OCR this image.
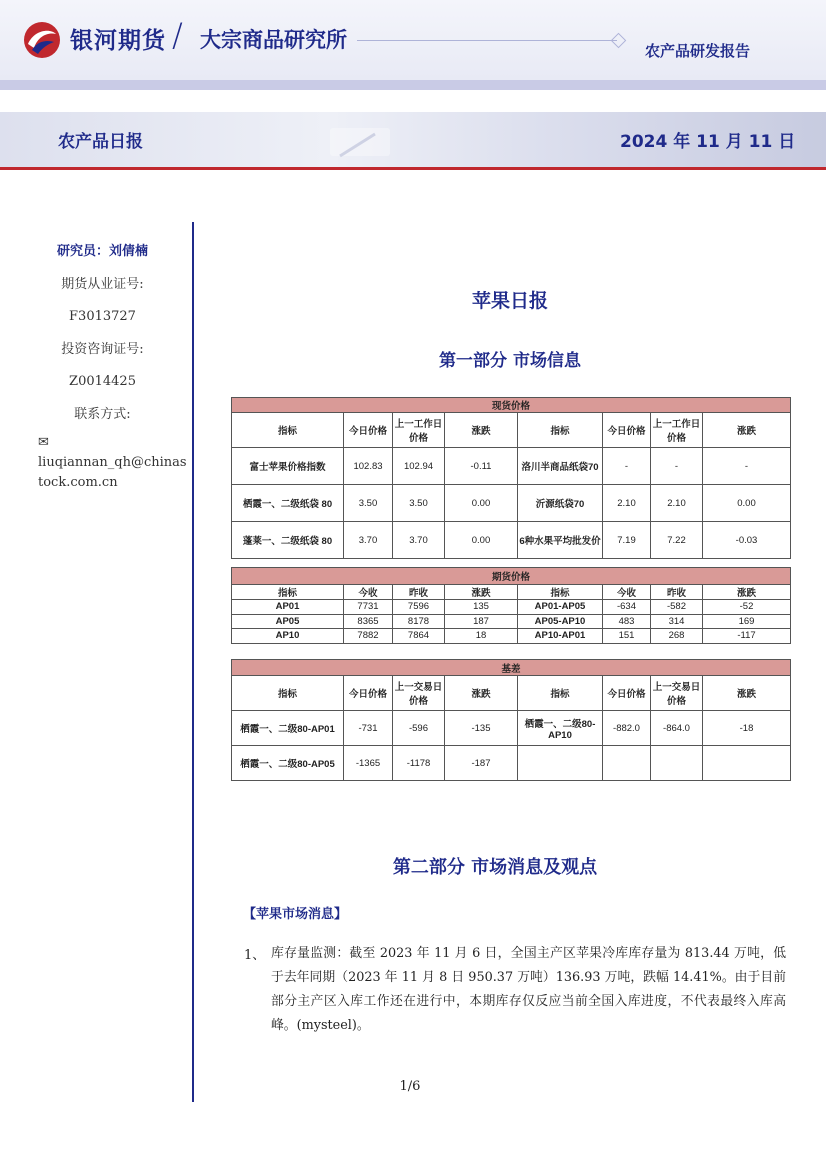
银河期货 / 大宗商品研究所	农产品研发报告
农产品日报	2024 年 11 月 11 日
研究员：刘倩楠
期货从业证号:
F3013727
投资咨询证号:
Z0014425
联系方式:
✉liuqiannan_qh@chinas
tock.com.cn
苹果日报
第一部分 市场信息
现货价格							
指标	今日价格	上一工作日价格	涨跌	指标	今日价格	上一工作日价格	涨跌
富士苹果价格指数	102.83	102.94	-0.11	洛川半商品纸袋70	-	-	-
栖霞一、二级纸袋 80	3.50	3.50	0.00	沂源纸袋70	2.10	2.10	0.00
蓬莱一、二级纸袋 80	3.70	3.70	0.00	6种水果平均批发价	7.19	7.22	-0.03
期货价格							
指标	今收	昨收	涨跌	指标	今收	昨收	涨跌
AP01	7731	7596	135	AP01-AP05	-634	-582	-52
AP05	8365	8178	187	AP05-AP10	483	314	169
AP10	7882	7864	18	AP10-AP01	151	268	-117
基差							
指标	今日价格	上一交易日价格	涨跌	指标	今日价格	上一交易日价格	涨跌
栖霞一、二级80-AP01	-731	-596	-135	栖霞一、二级80-AP10	-882.0	-864.0	-18
栖霞一、二级80-AP05	-1365	-1178	-187				
第二部分 市场消息及观点
【苹果市场消息】
1、 库存量监测：截至 2023 年 11 月 6 日，全国主产区苹果冷库库存量为 813.44 万吨，低于去年同期（2023 年 11 月 8 日 950.37 万吨）136.93 万吨，跌幅 14.41%。由于目前部分主产区入库工作还在进行中，本期库存仅反应当前全国入库进度，不代表最终入库高峰。(mysteel)。
1/6
